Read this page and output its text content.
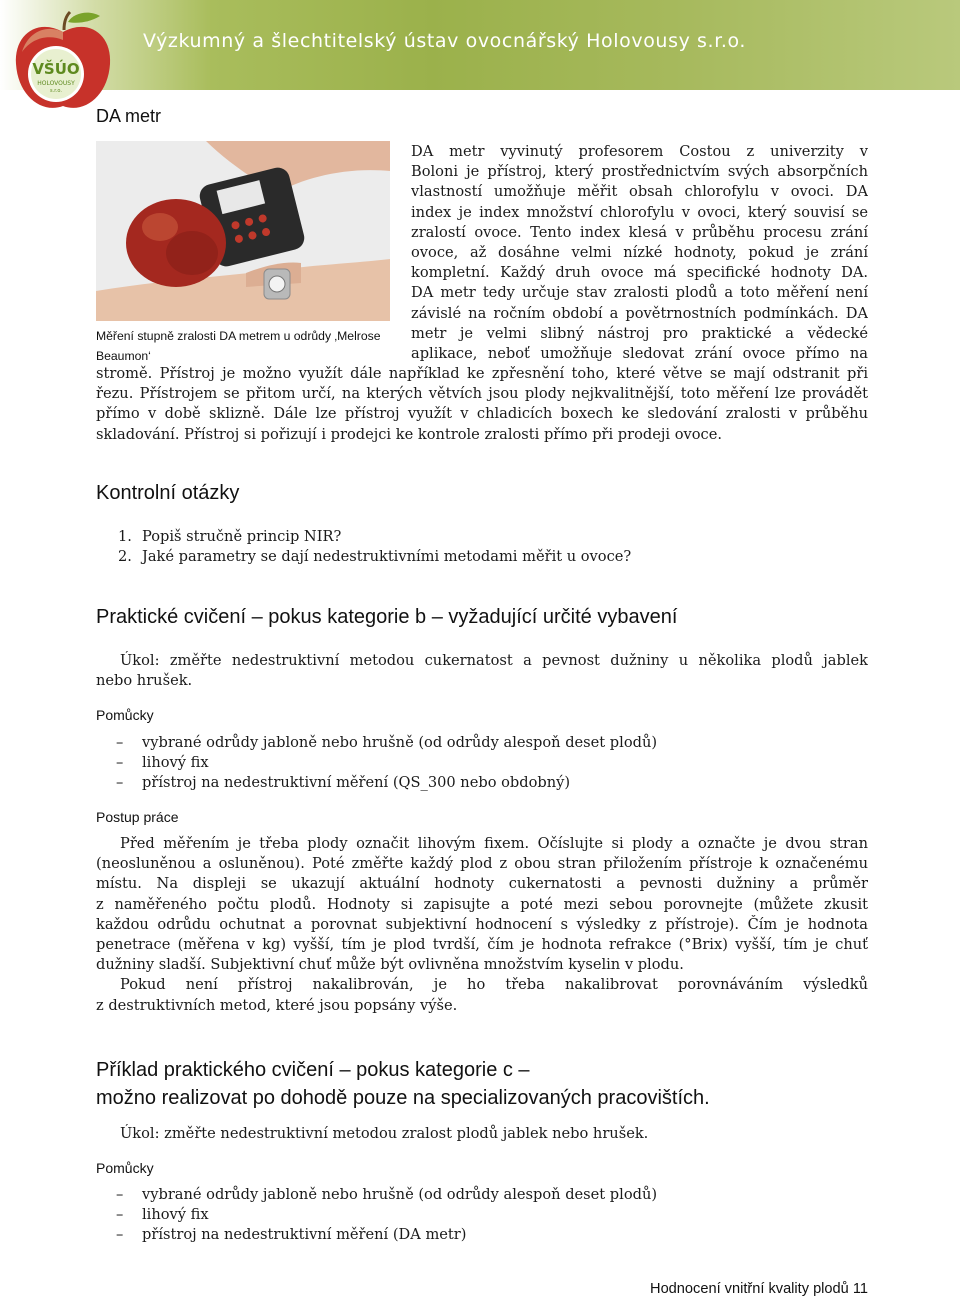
Výzkumný a šlechtitelský ústav ovocnářský Holovousy s.r.o.
VŠÚO
HOLOVOUSY
s.r.o.
DA metr
Měření stupně zralosti DA metrem u odrůdy ‚Melrose
Beaumon‘
DA metr vyvinutý profesorem Costou z univerzity v
Boloni je přístroj, který prostřednictvím svých absorpčních
vlastností umožňuje měřit obsah chlorofylu v ovoci. DA
index je index množství chlorofylu v ovoci, který souvisí se
zralostí ovoce. Tento index klesá v průběhu procesu zrání
ovoce, až dosáhne velmi nízké hodnoty, pokud je zrání
kompletní. Každý druh ovoce má specifické hodnoty DA.
DA metr tedy určuje stav zralosti plodů a toto měření není
závislé na ročním období a povětrnostních podmínkách. DA
metr je velmi slibný nástroj pro praktické a vědecké
aplikace, neboť umožňuje sledovat zrání ovoce přímo na
stromě. Přístroj je možno využít dále například ke zpřesnění toho, které větve se mají odstranit při
řezu. Přístrojem se přitom určí, na kterých větvích jsou plody nejkvalitnější, toto měření lze provádět
přímo v době sklizně. Dále lze přístroj využít v chladicích boxech ke sledování zralosti v průběhu
skladování. Přístroj si pořizují i prodejci ke kontrole zralosti přímo při prodeji ovoce.
Kontrolní otázky
1. Popiš stručně princip NIR?
2. Jaké parametry se dají nedestruktivními metodami měřit u ovoce?
Praktické cvičení – pokus kategorie b – vyžadující určité vybavení
Úkol: změřte nedestruktivní metodou cukernatost a pevnost dužniny u několika plodů jablek
nebo hrušek.
Pomůcky
– vybrané odrůdy jabloně nebo hrušně (od odrůdy alespoň deset plodů)
– lihový fix
– přístroj na nedestruktivní měření (QS_300 nebo obdobný)
Postup práce
Před měřením je třeba plody označit lihovým fixem. Očíslujte si plody a označte je dvou stran
(neosluněnou a osluněnou). Poté změřte každý plod z obou stran přiložením přístroje k označenému
místu. Na displeji se ukazují aktuální hodnoty cukernatosti a pevnosti dužniny a průměr
z naměřeného počtu plodů. Hodnoty si zapisujte a poté mezi sebou porovnejte (můžete zkusit
každou odrůdu ochutnat a porovnat subjektivní hodnocení s výsledky z přístroje). Čím je hodnota
penetrace (měřena v kg) vyšší, tím je plod tvrdší, čím je hodnota refrakce (°Brix) vyšší, tím je chuť
dužniny sladší. Subjektivní chuť může být ovlivněna množstvím kyselin v plodu.
Pokud není přístroj nakalibrován, je ho třeba nakalibrovat porovnáváním výsledků
z destruktivních metod, které jsou popsány výše.
Příklad praktického cvičení – pokus kategorie c –
možno realizovat po dohodě pouze na specializovaných pracovištích.
Úkol: změřte nedestruktivní metodou zralost plodů jablek nebo hrušek.
Pomůcky
– vybrané odrůdy jabloně nebo hrušně (od odrůdy alespoň deset plodů)
– lihový fix
– přístroj na nedestruktivní měření (DA metr)
Hodnocení vnitřní kvality plodů 11
